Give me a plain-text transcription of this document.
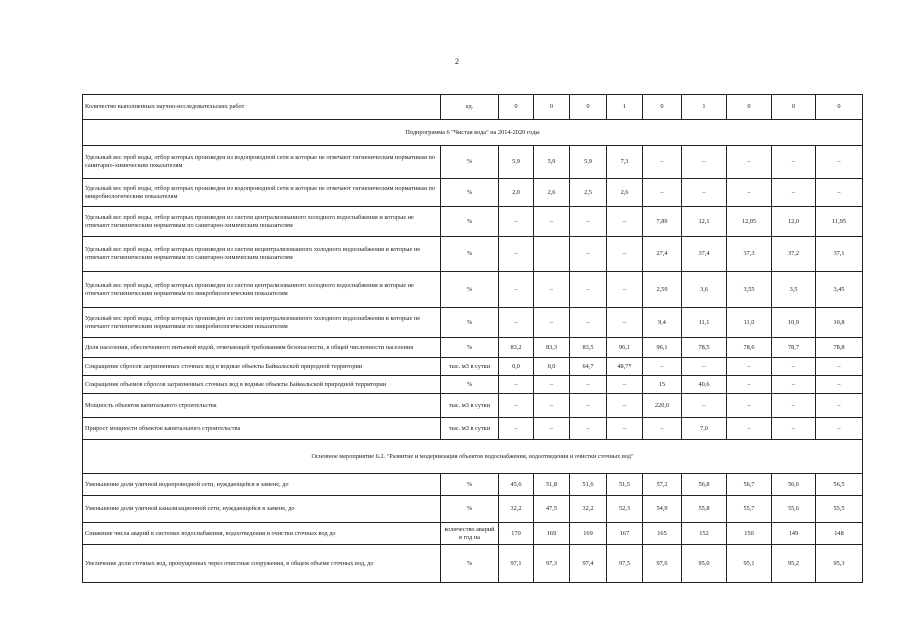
2
Количество выполненных научно-исследовательских работ	ед.	0	0	0	1	0	1	0	0	0
Подпрограмма 6 "Чистая вода" на 2014-2020 годы										
Удельный вес проб воды, отбор которых произведен из водопроводной сети и которые не отвечают гигиеническим нормативам по санитарно-химическим показателям	%	5,9	5,9	5,9	7,3	–	–	–	–	–
Удельный вес проб воды, отбор которых произведен из водопроводной сети и которые не отвечают гигиеническим нормативам по микробиологическим показателям	%	2,0	2,6	2,5	2,6	–	–	–	–	–
Удельный вес проб воды, отбор которых произведен из систем централизованного холодного водоснабжения и которые не отвечают гигиеническим нормативам по санитарно-химическим показателям	%	–	–	–	–	7,89	12,1	12,05	12,0	11,95
Удельный вес проб воды, отбор которых произведен из систем нецентрализованного холодного водоснабжения и которые не отвечают гигиеническим нормативам по санитарно-химическим показателям	%	–		–	–	27,4	37,4	37,3	37,2	37,1
Удельный вес проб воды, отбор которых произведен из систем централизованного холодного водоснабжения и которые не отвечают гигиеническим нормативам по микробиологическим показателям	%	–	–	–	–	2,59	3,6	3,55	3,5	3,45
Удельный вес проб воды, отбор которых произведен из систем нецентрализованного холодного водоснабжения и которые не отвечают гигиеническим нормативам по микробиологическим показателям	%	–	–	–	–	9,4	11,1	11,0	10,9	10,8
Доля населения, обеспеченного питьевой водой, отвечающей требованиям безопасности, в общей численности населения	%	83,2	83,3	83,5	96,1	96,1	78,5	78,6	78,7	78,8
Сокращение сбросов загрязненных сточных вод в водные объекты Байкальской природной территории	тыс. м3 в сутки	0,0	0,0	64,7	48,7*	–	–	–	–	–
Сокращение объемов сбросов загрязненных сточных вод в водные объекты Байкальской природной территории	%	–	–	–	–	15	40,6	–	–	–
Мощность объектов капитального строительства	тыс. м3 в сутки	–	–	–	–	220,0	–	–	–	–
Прирост мощности объектов капитального строительства	тыс. м3 в сутки	–	–	–	–	–	7,0	–	–	–
Основное мероприятие 6.2. "Развитие и модернизация объектов водоснабжения, водоотведения и очистки сточных вод"										
Уменьшение доли уличной водопроводной сети, нуждающейся в замене, до	%	45,6	51,8	51,6	51,5	57,2	56,8	56,7	56,6	56,5
Уменьшение доли уличной канализационной сети, нуждающейся в замене, до	%	32,2	47,5	32,2	52,3	54,9	55,8	55,7	55,6	55,5
Снижение числа аварий в системах водоснабжения, водоотведения и очистки сточных вод до	количество аварий в год на	170	169	169	167	165	152	150	149	148
Увеличение доли сточных вод, пропущенных через очистные сооружения, в общем объеме сточных вод, до	%	97,1	97,3	97,4	97,5	97,6	95,0	95,1	95,2	95,3
